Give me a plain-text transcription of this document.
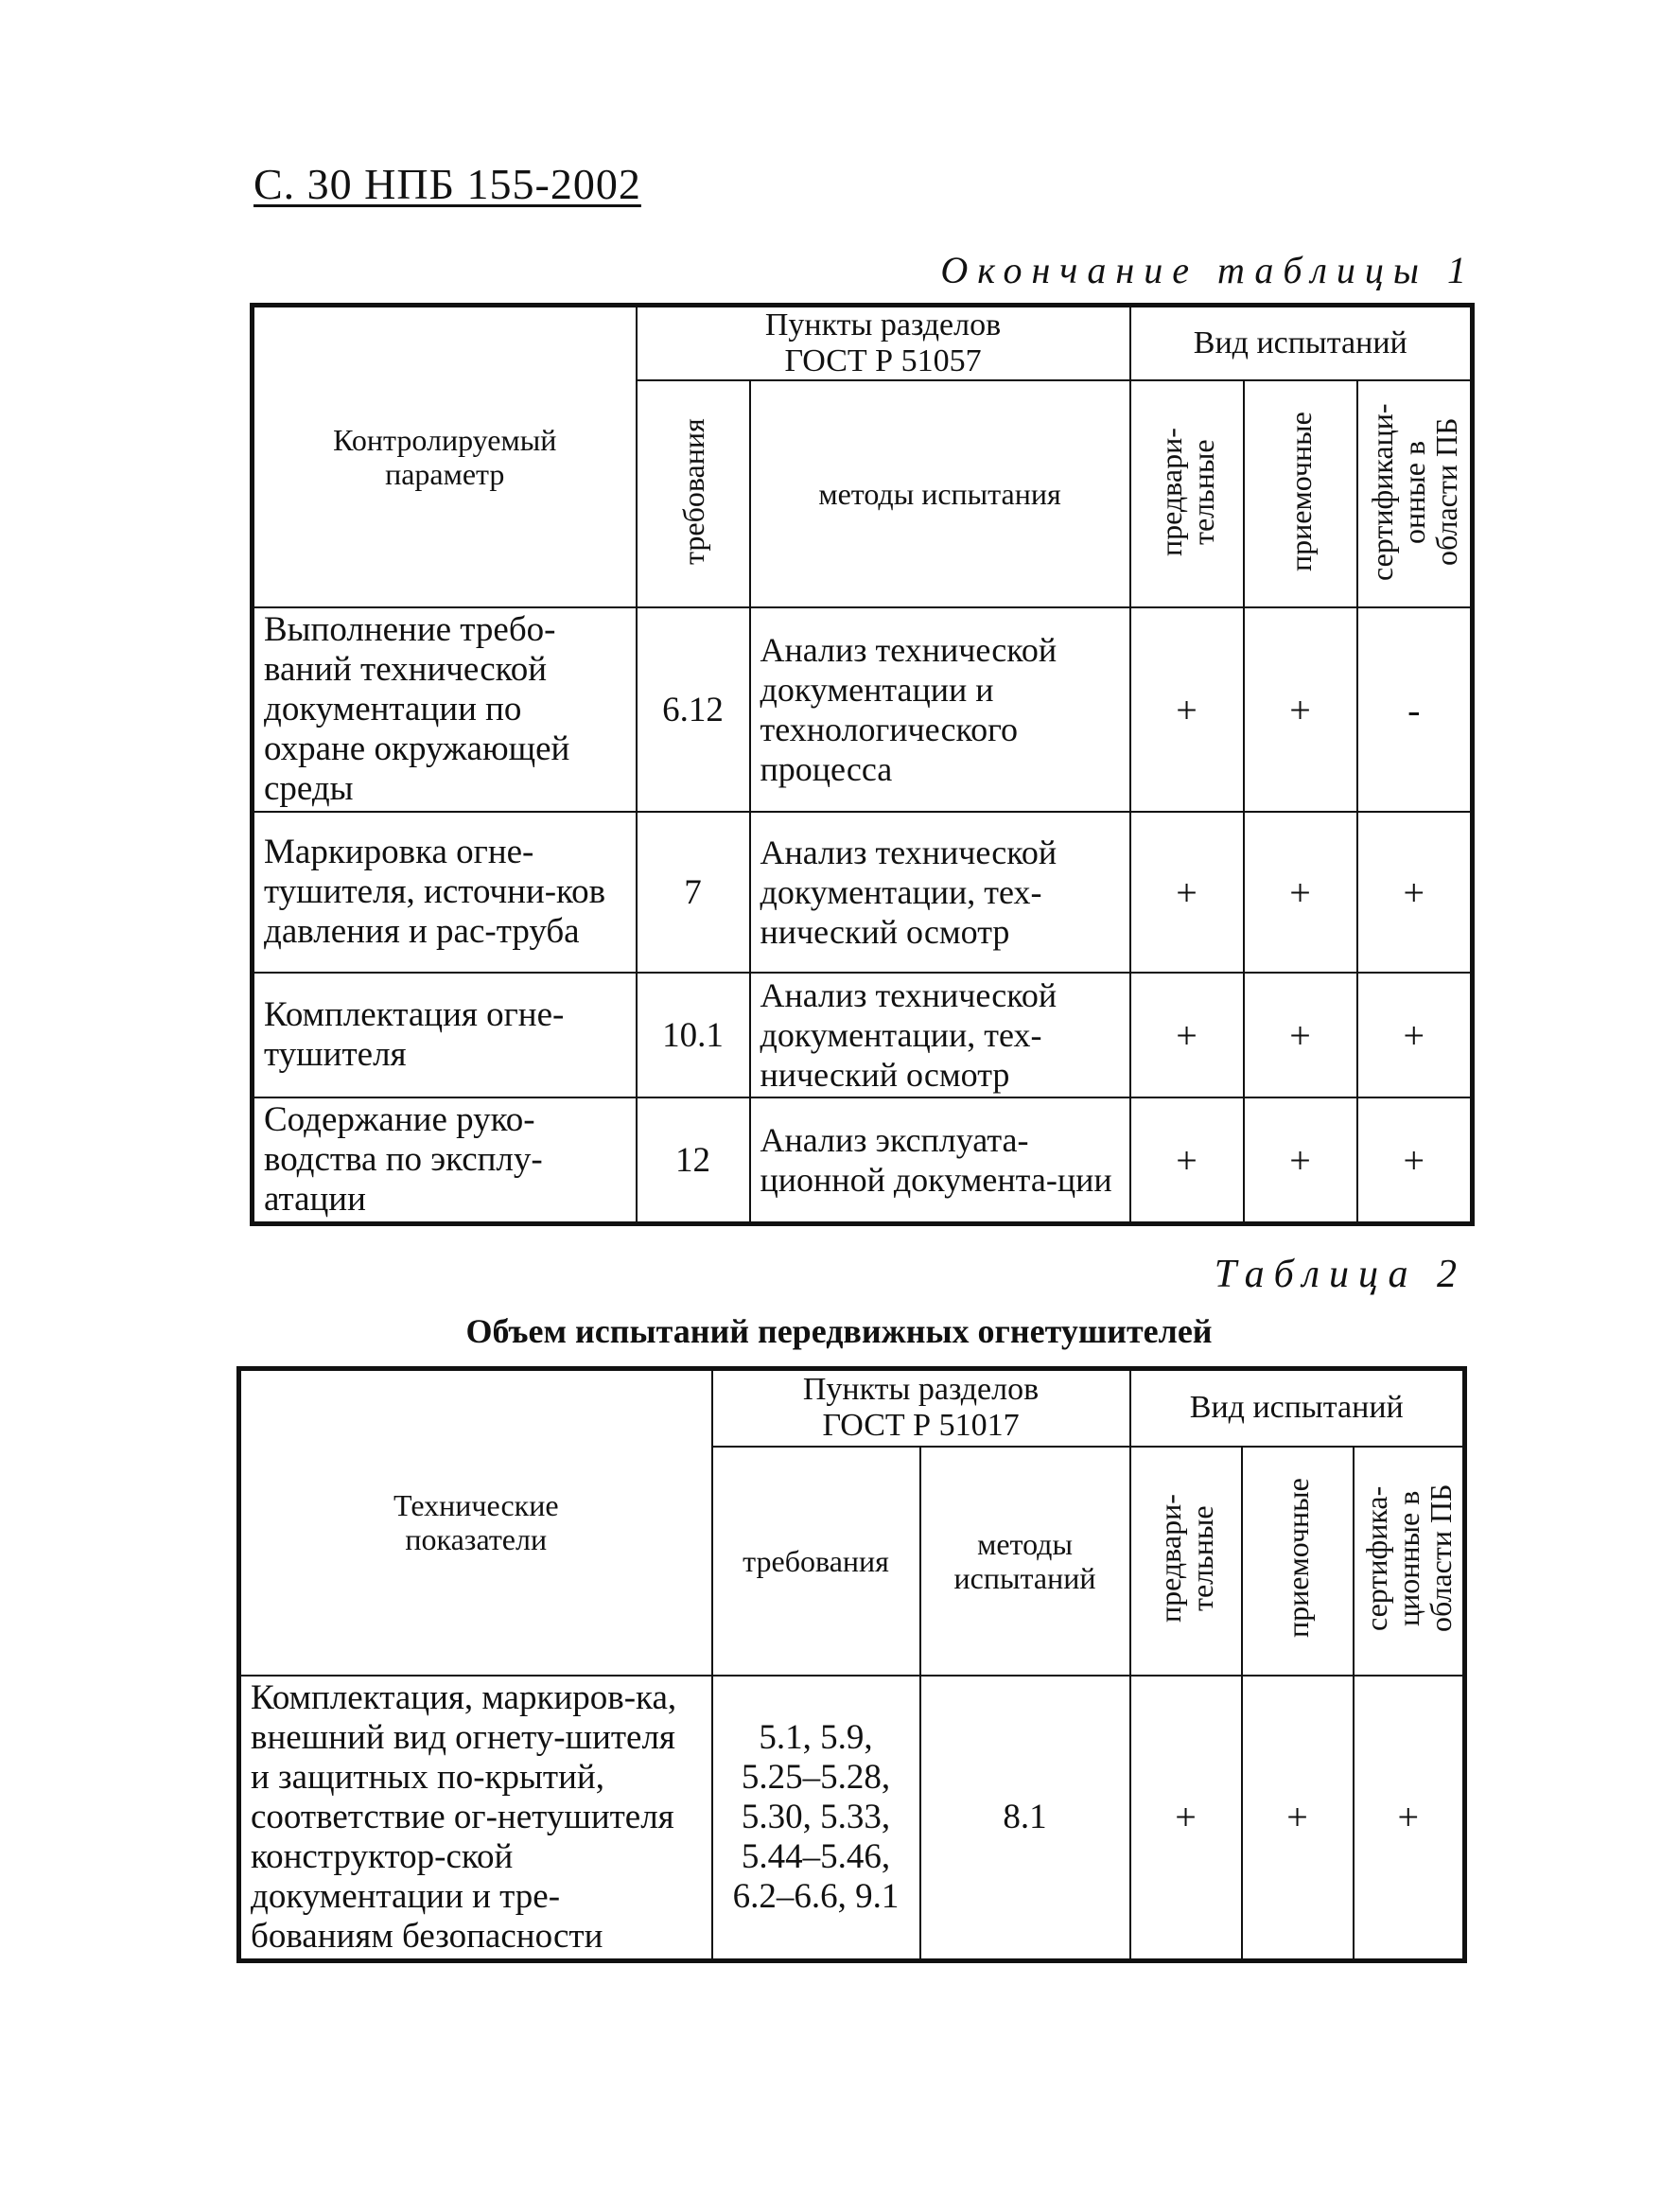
С. 30 НПБ 155-2002
Окончание таблицы 1
Контролируемый параметр	Пункты разделов ГОСТ Р 51057		Вид испытаний		
	требования	методы испытания	предвари-тельные	приемочные	сертификаци-онные в области ПБ
Выполнение требо-ваний технической документации по охране окружающей среды	6.12	Анализ технической документации и технологического процесса	+	+	-
Маркировка огне-тушителя, источни-ков давления и рас-труба	7	Анализ технической документации, тех-нический осмотр	+	+	+
Комплектация огне-тушителя	10.1	Анализ технической документации, тех-нический осмотр	+	+	+
Содержание руко-водства по эксплу-атации	12	Анализ эксплуата-ционной документа-ции	+	+	+
Таблица 2
Объем испытаний передвижных огнетушителей
Технические показатели	Пункты разделов ГОСТ Р 51017		Вид испытаний		
	требования	методы испытаний	предвари-тельные	приемочные	сертифика-ционные в области ПБ
Комплектация, маркиров-ка, внешний вид огнету-шителя и защитных по-крытий, соответствие ог-нетушителя конструктор-ской документации и тре-бованиям безопасности	5.1, 5.9, 5.25–5.28, 5.30, 5.33, 5.44–5.46, 6.2–6.6, 9.1	8.1	+	+	+
